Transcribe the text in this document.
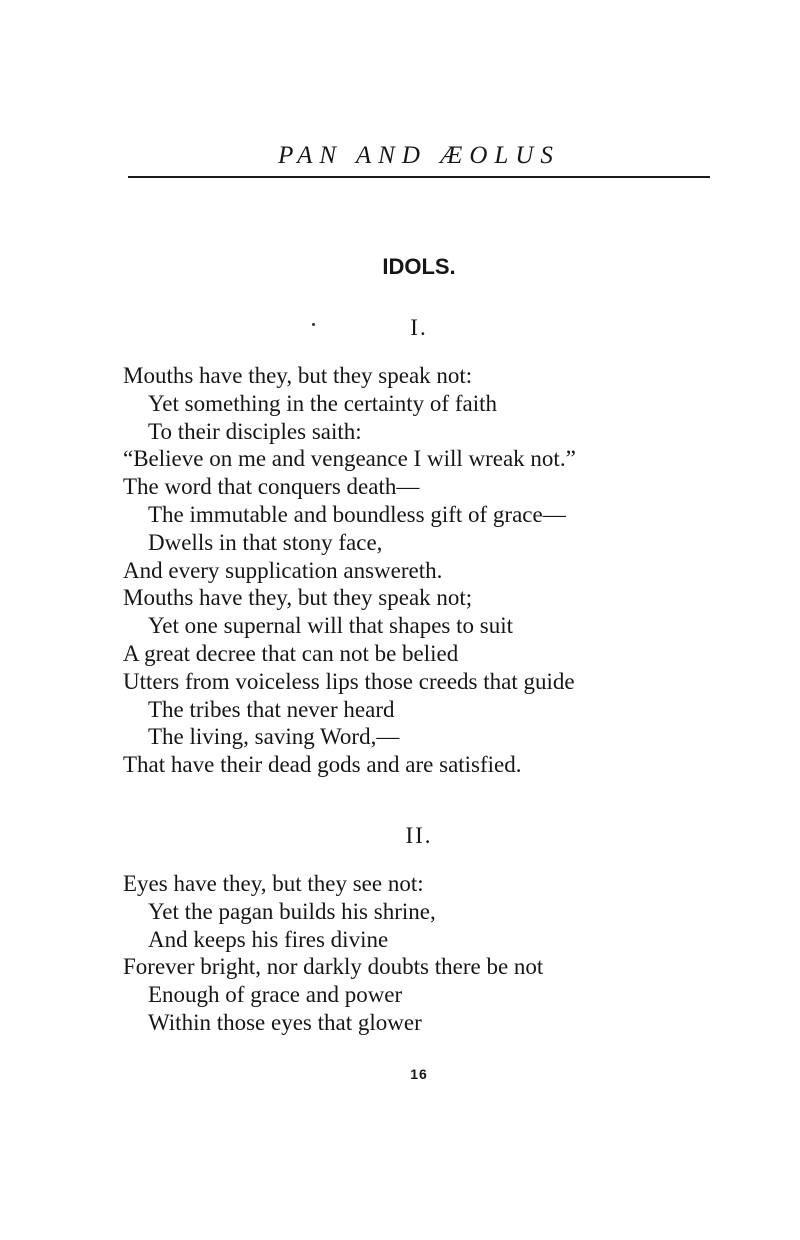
PAN AND ÆOLUS
IDOLS.
I.
Mouths have they, but they speak not:
Yet something in the certainty of faith
To their disciples saith:
“Believe on me and vengeance I will wreak not.”
The word that conquers death—
The immutable and boundless gift of grace—
Dwells in that stony face,
And every supplication answereth.
Mouths have they, but they speak not;
Yet one supernal will that shapes to suit
A great decree that can not be belied
Utters from voiceless lips those creeds that guide
The tribes that never heard
The living, saving Word,—
That have their dead gods and are satisfied.
II.
Eyes have they, but they see not:
Yet the pagan builds his shrine,
And keeps his fires divine
Forever bright, nor darkly doubts there be not
Enough of grace and power
Within those eyes that glower
16
